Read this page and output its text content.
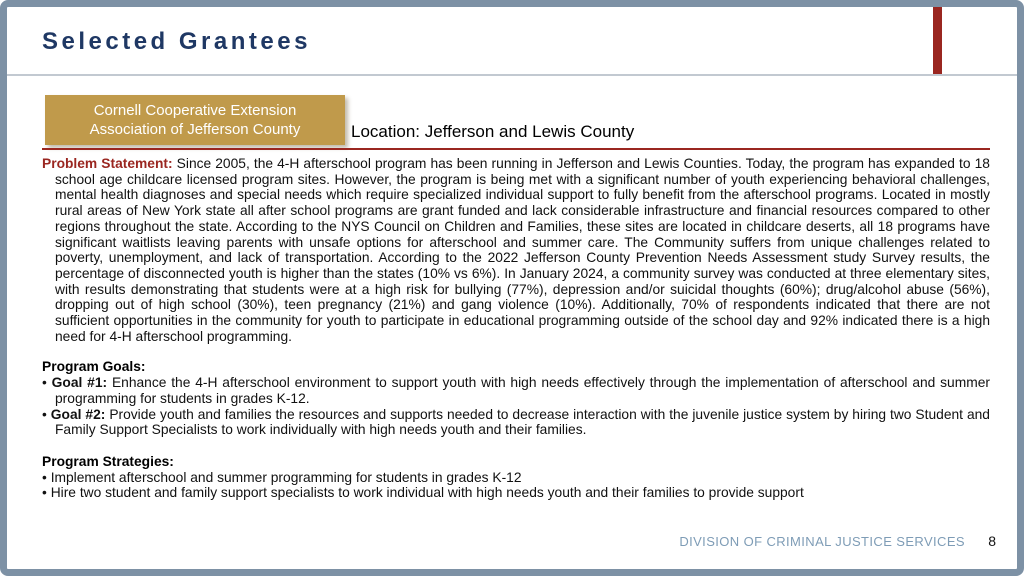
Selected Grantees
Cornell Cooperative Extension
Association of Jefferson County	Location: Jefferson and Lewis County

Problem Statement: Since 2005, the 4-H afterschool program has been running in Jefferson and Lewis Counties. Today, the program has expanded to 18 school age childcare licensed program sites. However, the program is being met with a significant number of youth experiencing behavioral challenges, mental health diagnoses and special needs which require specialized individual support to fully benefit from the afterschool programs. Located in mostly rural areas of New York state all after school programs are grant funded and lack considerable infrastructure and financial resources compared to other regions throughout the state. According to the NYS Council on Children and Families, these sites are located in childcare deserts, all 18 programs have significant waitlists leaving parents with unsafe options for afterschool and summer care. The Community suffers from unique challenges related to poverty, unemployment, and lack of transportation. According to the 2022 Jefferson County Prevention Needs Assessment study Survey results, the percentage of disconnected youth is higher than the states (10% vs 6%). In January 2024, a community survey was conducted at three elementary sites, with results demonstrating that students were at a high risk for bullying (77%), depression and/or suicidal thoughts (60%); drug/alcohol abuse (56%), dropping out of high school (30%), teen pregnancy (21%) and gang violence (10%). Additionally, 70% of respondents indicated that there are not sufficient opportunities in the community for youth to participate in educational programming outside of the school day and 92% indicated there is a high need for 4-H afterschool programming.

Program Goals:

• Goal #1: Enhance the 4-H afterschool environment to support youth with high needs effectively through the implementation of afterschool and summer programming for students in grades K-12.

• Goal #2: Provide youth and families the resources and supports needed to decrease interaction with the juvenile justice system by hiring two Student and Family Support Specialists to work individually with high needs youth and their families.

Program Strategies:

• Implement afterschool and summer programming for students in grades K-12

• Hire two student and family support specialists to work individual with high needs youth and their families to provide support

DIVISION OF CRIMINAL JUSTICE SERVICES	8
